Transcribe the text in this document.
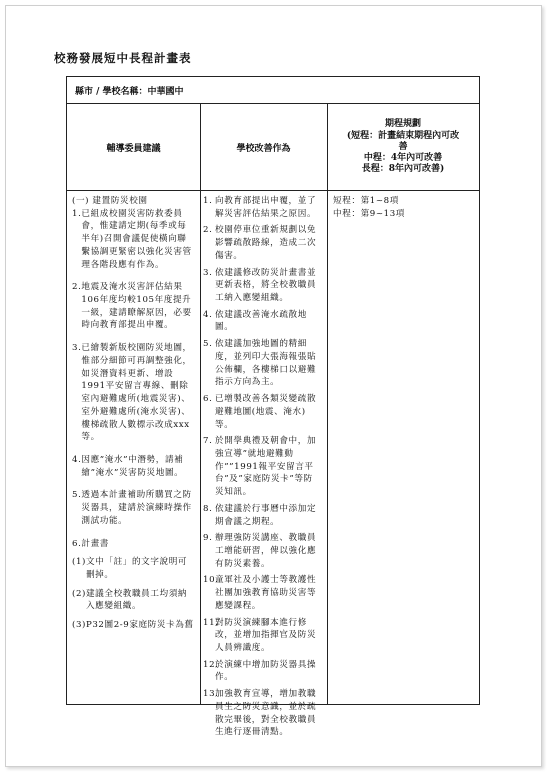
校務發展短中長程計畫表
縣市 / 學校名稱：中華國中
輔導委員建議	學校改善作為
期程規劃
(短程：計畫結束期程內可改
善
中程：4年內可改善
長程：8年內可改善)

(一) 建置防災校園

1. 已組成校園災害防救委員會，惟建請定期(每季或每半年)召開會議促使橫向聯繫協調更緊密以強化災害管理各階段應有作為。
2. 地震及淹水災害評估結果106年度均較105年度提升一級，建請瞭解原因，必要時向教育部提出申覆。
3. 已繪製新版校園防災地圖，惟部分細節可再調整強化，如災潛資料更新、增設1991平安留言專線、刪除室內避難處所(地震災害)、室外避難處所(淹水災害)、樓梯疏散人數標示改成xxx等。
4. 因應”淹水”中潛勢，請補繪”淹水”災害防災地圖。
5. 透過本計畫補助所購買之防災器具，建請於演練時操作測試功能。

6.計畫書

(1) 文中「註」的文字說明可刪掉。
(2) 建議全校教職員工均須納入應變組織。
(3) P32圖2-9家庭防災卡為舊
1. 向教育部提出申覆，並了解災害評估結果之原因。
2. 校園停車位重新規劃以免影響疏散路線，造成二次傷害。
3. 依建議修改防災計畫書並更新表格，將全校教職員工納入應變組織。
4. 依建議改善淹水疏散地圖。
5. 依建議加強地圖的精細度，並列印大張海報張貼公佈欄，各樓梯口以避難指示方向為主。
6. 已增製改善各類災變疏散避難地圖(地震、淹水)等。
7. 於開學典禮及朝會中，加強宣導”就地避難動作””1991報平安留言平台”及”家庭防災卡”等防災知訊。
8. 依建議於行事曆中添加定期會議之期程。
9. 辦理強防災講座、教職員工增能研習，俾以強化應有防災素養。
10.
童軍社及小護士等教護性社團加強教育協助災害等應變課程。
11.
對防災演練腳本進行修改，並增加指揮官及防災人員辨識度。
12.
於演練中增加防災器具操作。
13.
加強教育宣導，增加教職員生之防災意識，並於疏散完畢後，對全校教職員生進行逐冊清點。
短程：第1~8項
中程：第9~13項
